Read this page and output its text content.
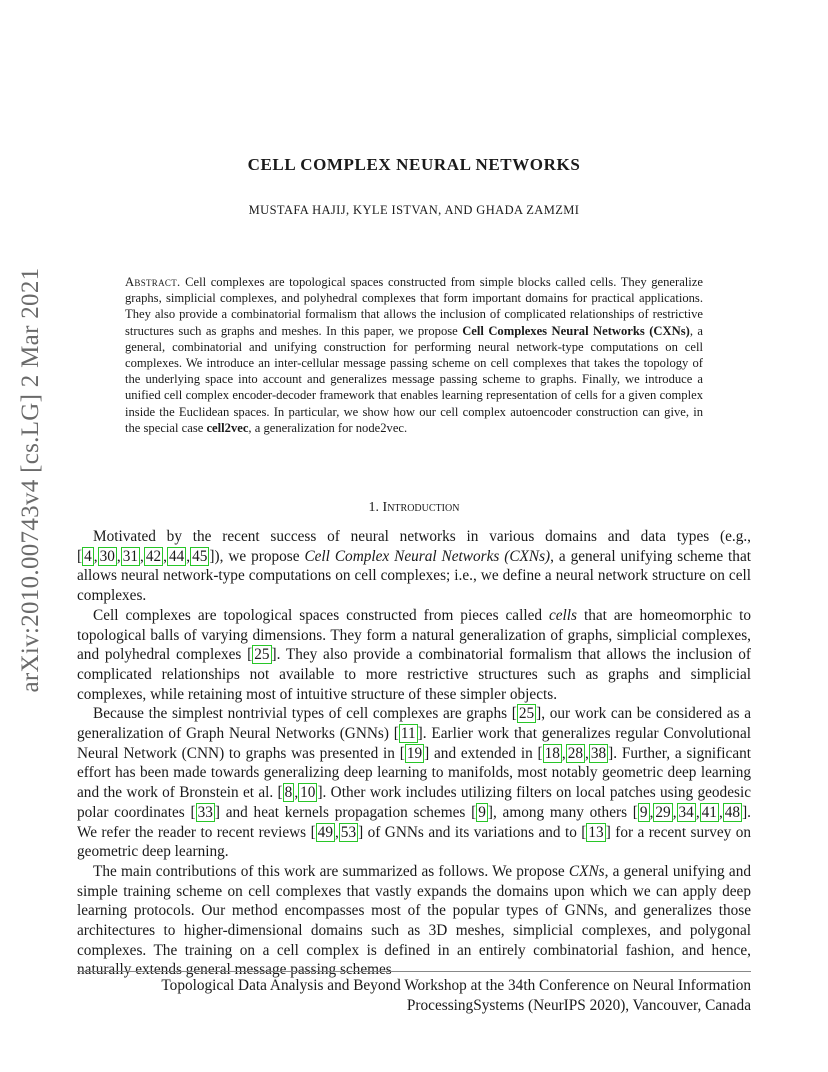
arXiv:2010.00743v4 [cs.LG] 2 Mar 2021
CELL COMPLEX NEURAL NETWORKS
MUSTAFA HAJIJ, KYLE ISTVAN, AND GHADA ZAMZMI
Abstract. Cell complexes are topological spaces constructed from simple blocks called cells. They generalize graphs, simplicial complexes, and polyhedral complexes that form important domains for practical applications. They also provide a combinatorial formalism that allows the inclusion of complicated relationships of restrictive structures such as graphs and meshes. In this paper, we propose Cell Complexes Neural Networks (CXNs), a general, combinatorial and unifying construction for performing neural network-type computations on cell complexes. We introduce an inter-cellular message passing scheme on cell complexes that takes the topology of the underlying space into account and generalizes message passing scheme to graphs. Finally, we introduce a unified cell complex encoder-decoder framework that enables learning representation of cells for a given complex inside the Euclidean spaces. In particular, we show how our cell complex autoencoder construction can give, in the special case cell2vec, a generalization for node2vec.
1. Introduction

Motivated by the recent success of neural networks in various domains and data types (e.g., [ 4 , 30 , 31 , 42 , 44 , 45 ]), we propose Cell Complex Neural Networks (CXNs), a general unifying scheme that allows neural network-type computations on cell complexes; i.e., we define a neural network structure on cell complexes.

Cell complexes are topological spaces constructed from pieces called cells that are homeomorphic to topological balls of varying dimensions. They form a natural generalization of graphs, simplicial complexes, and polyhedral complexes [ 25 ]. They also provide a combinatorial formalism that allows the inclusion of complicated relationships not available to more restrictive structures such as graphs and simplicial complexes, while retaining most of intuitive structure of these simpler objects.

Because the simplest nontrivial types of cell complexes are graphs [ 25 ], our work can be considered as a generalization of Graph Neural Networks (GNNs) [ 11 ]. Earlier work that generalizes regular Convolutional Neural Network (CNN) to graphs was presented in [ 19 ] and extended in [ 18 , 28 , 38 ]. Further, a significant effort has been made towards generalizing deep learning to manifolds, most notably geometric deep learning and the work of Bronstein et al. [ 8 , 10 ]. Other work includes utilizing filters on local patches using geodesic polar coordinates [ 33 ] and heat kernels propagation schemes [ 9 ], among many others [ 9 , 29 , 34 , 41 , 48 ]. We refer the reader to recent reviews [ 49 , 53 ] of GNNs and its variations and to [ 13 ] for a recent survey on geometric deep learning.

The main contributions of this work are summarized as follows. We propose CXNs, a general unifying and simple training scheme on cell complexes that vastly expands the domains upon which we can apply deep learning protocols. Our method encompasses most of the popular types of GNNs, and generalizes those architectures to higher-dimensional domains such as 3D meshes, simplicial complexes, and polygonal complexes. The training on a cell complex is defined in an entirely combinatorial fashion, and hence, naturally extends general message passing schemes

Topological Data Analysis and Beyond Workshop at the 34th Conference on Neural Information
ProcessingSystems (NeurIPS 2020), Vancouver, Canada
